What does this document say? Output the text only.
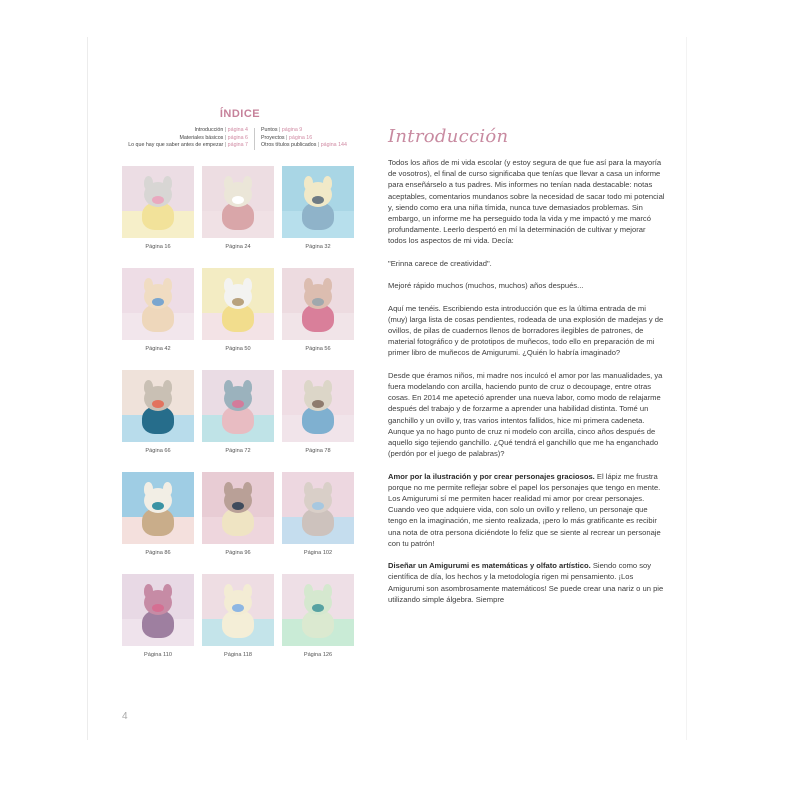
ÍNDICE
Introducción | página 4
Materiales básicos | página 6
Lo que hay que saber antes de empezar | página 7
Puntos | página 9
Proyectos | página 16
Otros títulos publicados | página 144
Página 16	Página 24	Página 32
Página 42	Página 50	Página 56
Página 66	Página 72	Página 78
Página 86	Página 96	Página 102
Página 110	Página 118	Página 126
Introducción

Todos los años de mi vida escolar (y estoy segura de que fue así para la mayoría de vosotros), el final de curso significaba que tenías que llevar a casa un informe para enseñárselo a tus padres. Mis informes no tenían nada destacable: notas aceptables, comentarios mundanos sobre la necesidad de sacar todo mi potencial y, siendo como era una niña tímida, nunca tuve demasiados problemas. Sin embargo, un informe me ha perseguido toda la vida y me impactó y me marcó profundamente. Leerlo despertó en mí la determinación de cultivar y mejorar todos los aspectos de mi vida. Decía:

"Erinna carece de creatividad".

Mejoré rápido muchos (muchos, muchos) años después...

Aquí me tenéis. Escribiendo esta introducción que es la última entrada de mi (muy) larga lista de cosas pendientes, rodeada de una explosión de madejas y de ovillos, de pilas de cuadernos llenos de borradores ilegibles de patrones, de material fotográfico y de prototipos de muñecos, todo ello en preparación de mi primer libro de muñecos de Amigurumi. ¿Quién lo habría imaginado?

Desde que éramos niños, mi madre nos inculcó el amor por las manualidades, ya fuera modelando con arcilla, haciendo punto de cruz o decoupage, entre otras cosas. En 2014 me apeteció aprender una nueva labor, como modo de relajarme después del trabajo y de forzarme a aprender una habilidad distinta. Tomé un ganchillo y un ovillo y, tras varios intentos fallidos, hice mi primera cadeneta. Aunque ya no hago punto de cruz ni modelo con arcilla, cinco años después de aquello sigo tejiendo ganchillo. ¿Qué tendrá el ganchillo que me ha enganchado (perdón por el juego de palabras)?

Amor por la ilustración y por crear personajes graciosos. El lápiz me frustra porque no me permite reflejar sobre el papel los personajes que tengo en mente. Los Amigurumi sí me permiten hacer realidad mi amor por crear personajes. Cuando veo que adquiere vida, con solo un ovillo y relleno, un personaje que tengo en la imaginación, me siento realizada, ¡pero lo más gratificante es recibir una nota de otra persona diciéndote lo feliz que se siente al recrear un personaje con tu patrón!

Diseñar un Amigurumi es matemáticas y olfato artístico. Siendo como soy científica de día, los hechos y la metodología rigen mi pensamiento. ¡Los Amigurumi son asombrosamente matemáticos! Se puede crear una nariz o un pie utilizando simple álgebra. Siempre

4
